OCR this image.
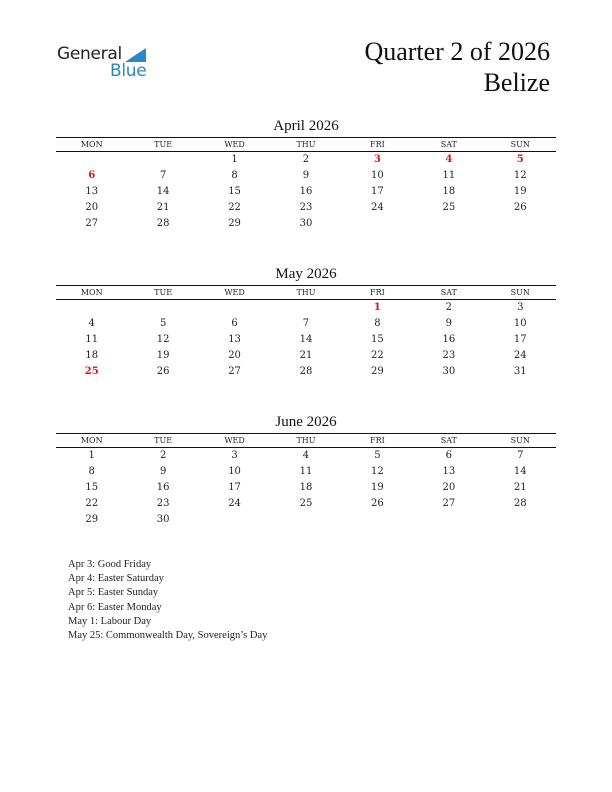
General
Blue
Quarter 2 of 2026
Belize
April 2026
MON	TUE	WED	THU	FRI	SAT	SUN
		1	2	3	4	5
6	7	8	9	10	11	12
13	14	15	16	17	18	19
20	21	22	23	24	25	26
27	28	29	30			
May 2026
MON	TUE	WED	THU	FRI	SAT	SUN
				1	2	3
4	5	6	7	8	9	10
11	12	13	14	15	16	17
18	19	20	21	22	23	24
25	26	27	28	29	30	31
June 2026
MON	TUE	WED	THU	FRI	SAT	SUN
1	2	3	4	5	6	7
8	9	10	11	12	13	14
15	16	17	18	19	20	21
22	23	24	25	26	27	28
29	30					
Apr 3: Good Friday
Apr 4: Easter Saturday
Apr 5: Easter Sunday
Apr 6: Easter Monday
May 1: Labour Day
May 25: Commonwealth Day, Sovereign’s Day
